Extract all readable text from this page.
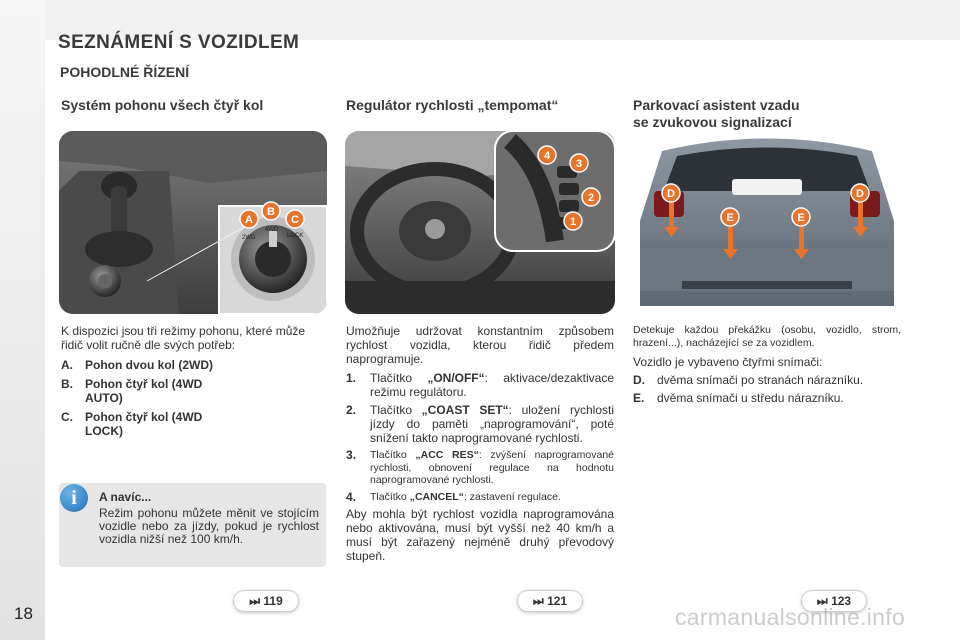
18
SEZNÁMENÍ S VOZIDLEM
POHODLNÉ ŘÍZENÍ
Systém pohonu všech čtyř kol	Regulátor rychlosti „tempomat“	Parkovací asistent vzadu
se zvukovou signalizací
2WD
4WD
LOCK
A
B
C
4
3
2
1
D
E	E
D

K dispozici jsou tři režimy pohonu, které může řidič volit ručně dle svých potřeb:

A.	Pohon dvou kol (2WD)
B.	Pohon čtyř kol (4WD AUTO)
C.	Pohon čtyř kol (4WD LOCK)
i	A navíc...
Režim pohonu můžete měnit ve stojícím vozidle nebo za jízdy, pokud je rychlost vozidla nižší než 100 km/h.

Umožňuje udržovat konstantním způsobem rychlost vozidla, kterou řidič předem naprogramuje.

1.	Tlačítko „ON/OFF“: aktivace/dezaktivace režimu regulátoru.
2.	Tlačítko „COAST SET“: uložení rychlosti jízdy do paměti „naprogramování“, poté snížení takto naprogramované rychlosti.
3.	Tlačítko „ACC RES“: zvýšení naprogramované rychlosti, obnovení regulace na hodnotu naprogramované rychlosti.
4.	Tlačítko „CANCEL“: zastavení regulace.

Aby mohla být rychlost vozidla naprogramována nebo aktivována, musí být vyšší než 40 km/h a musí být zařazený nejméně druhý převodový stupeň.

Detekuje každou překážku (osobu, vozidlo, strom, hrazení...), nacházející se za vozidlem.

Vozidlo je vybaveno čtyřmi snímači:

D.	dvěma snímači po stranách nárazníku.
E.	dvěma snímači u středu nárazníku.
⏭ 119	⏭ 121	⏭ 123
carmanualsonline.info
